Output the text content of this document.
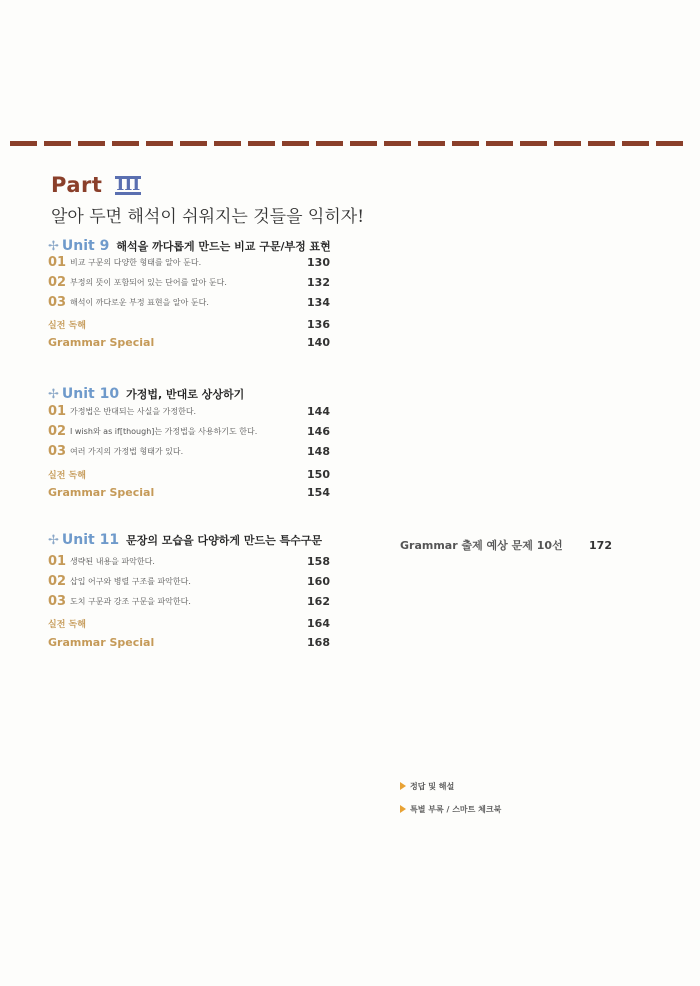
Part III
알아 두면 해석이 쉬워지는 것들을 익히자!
✢ Unit 9 해석을 까다롭게 만드는 비교 구문/부정 표현
01 비교 구문의 다양한 형태를 알아 둔다.	130
02 부정의 뜻이 포함되어 있는 단어를 알아 둔다.	132
03 해석이 까다로운 부정 표현을 알아 둔다.	134
실전 독해	136
Grammar Special	140
✢ Unit 10 가정법, 반대로 상상하기
01 가정법은 반대되는 사실을 가정한다.	144
02 I wish와 as if[though]는 가정법을 사용하기도 한다.	146
03 여러 가지의 가정법 형태가 있다.	148
실전 독해	150
Grammar Special	154
✢ Unit 11 문장의 모습을 다양하게 만드는 특수구문
01 생략된 내용을 파악한다.	158
02 삽입 어구와 병렬 구조를 파악한다.	160
03 도치 구문과 강조 구문을 파악한다.	162
실전 독해	164
Grammar Special	168
Grammar 출제 예상 문제 10선 172
정답 및 해설
특별 부록 / 스마트 체크북
